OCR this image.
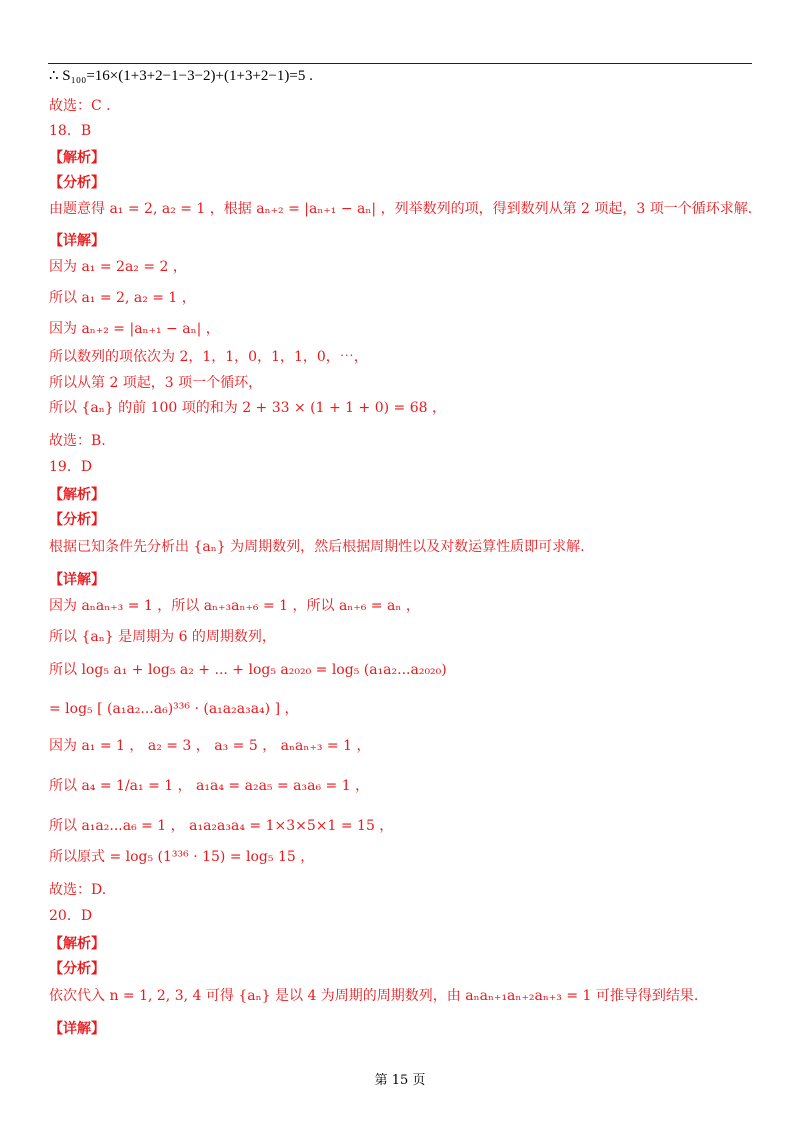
∴ S₁₀₀=16×(1+3+2−1−3−2)+(1+3+2−1)=5 .
故选：C .
18．B
【解析】
【分析】
由题意得 a₁ = 2, a₂ = 1 ，根据 aₙ₊₂ = |aₙ₊₁ − aₙ| ，列举数列的项，得到数列从第 2 项起，3 项一个循环求解.
【详解】
因为 a₁ = 2a₂ = 2 ，
所以 a₁ = 2, a₂ = 1 ，
因为 aₙ₊₂ = |aₙ₊₁ − aₙ| ，
所以数列的项依次为 2，1，1，0，1，1，0，⋯，
所以从第 2 项起，3 项一个循环，
所以 {aₙ} 的前 100 项的和为 2 + 33 × (1 + 1 + 0) = 68 ，
故选：B.
19．D
【解析】
【分析】
根据已知条件先分析出 {aₙ} 为周期数列，然后根据周期性以及对数运算性质即可求解.
【详解】
因为 aₙaₙ₊₃ = 1 ，所以 aₙ₊₃aₙ₊₆ = 1 ，所以 aₙ₊₆ = aₙ ，
所以 {aₙ} 是周期为 6 的周期数列，
所以 log₅ a₁ + log₅ a₂ + ... + log₅ a₂₀₂₀ = log₅ (a₁a₂...a₂₀₂₀)
= log₅ [ (a₁a₂...a₆)³³⁶ · (a₁a₂a₃a₄) ] ，
因为 a₁ = 1 ， a₂ = 3 ， a₃ = 5 ， aₙaₙ₊₃ = 1 ，
所以 a₄ = 1/a₁ = 1 ， a₁a₄ = a₂a₅ = a₃a₆ = 1 ，
所以 a₁a₂...a₆ = 1 ， a₁a₂a₃a₄ = 1×3×5×1 = 15 ，
所以原式 = log₅ (1³³⁶ · 15) = log₅ 15 ，
故选：D.
20．D
【解析】
【分析】
依次代入 n = 1, 2, 3, 4 可得 {aₙ} 是以 4 为周期的周期数列，由 aₙaₙ₊₁aₙ₊₂aₙ₊₃ = 1 可推导得到结果.
【详解】
第 15 页
